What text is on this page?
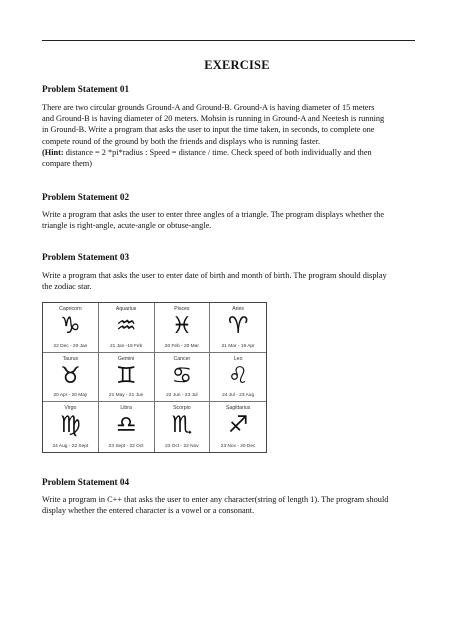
EXERCISE
Problem Statement 01
There are two circular grounds Ground-A and Ground-B. Ground-A is having diameter of 15 meters
and Ground-B is having diameter of 20 meters. Mohsin is running in Ground-A and Neetesh is running
in Ground-B. Write a program that asks the user to input the time taken, in seconds, to complete one
compete round of the ground by both the friends and displays who is running faster.
(Hint: distance = 2 *pi*radius : Speed = distance / time. Check speed of both individually and then
compare them)
Problem Statement 02
Write a program that asks the user to enter three angles of a triangle. The program displays whether the
triangle is right-angle, acute-angle or obtuse-angle.
Problem Statement 03
Write a program that asks the user to enter date of birth and month of birth. The program should display
the zodiac star.
Capricorn
♑
22 Dec - 20 Jan
Aquarius
♒
21 Jan -19 Feb
Pisces
♓
20 Feb - 20 Mar
Aries
♈
21 Mar - 19 Apr
Taurus
♉
20 Apr - 20 May
Gemini
♊
21 May - 21 Jun
Cancer
♋
22 Jun - 23 Jul
Leo
♌
24 Jul - 23 Aug
Virgo
♍
24 Aug - 22 Sept
Libra
♎
23 Sept - 22 Oct
Scorpio
♏
23 Oct - 22 Nov
Sagittarius
♐
23 Nov - 20 Dec
Problem Statement 04
Write a program in C++ that asks the user to enter any character(string of length 1). The program should
display whether the entered character is a vowel or a consonant.
